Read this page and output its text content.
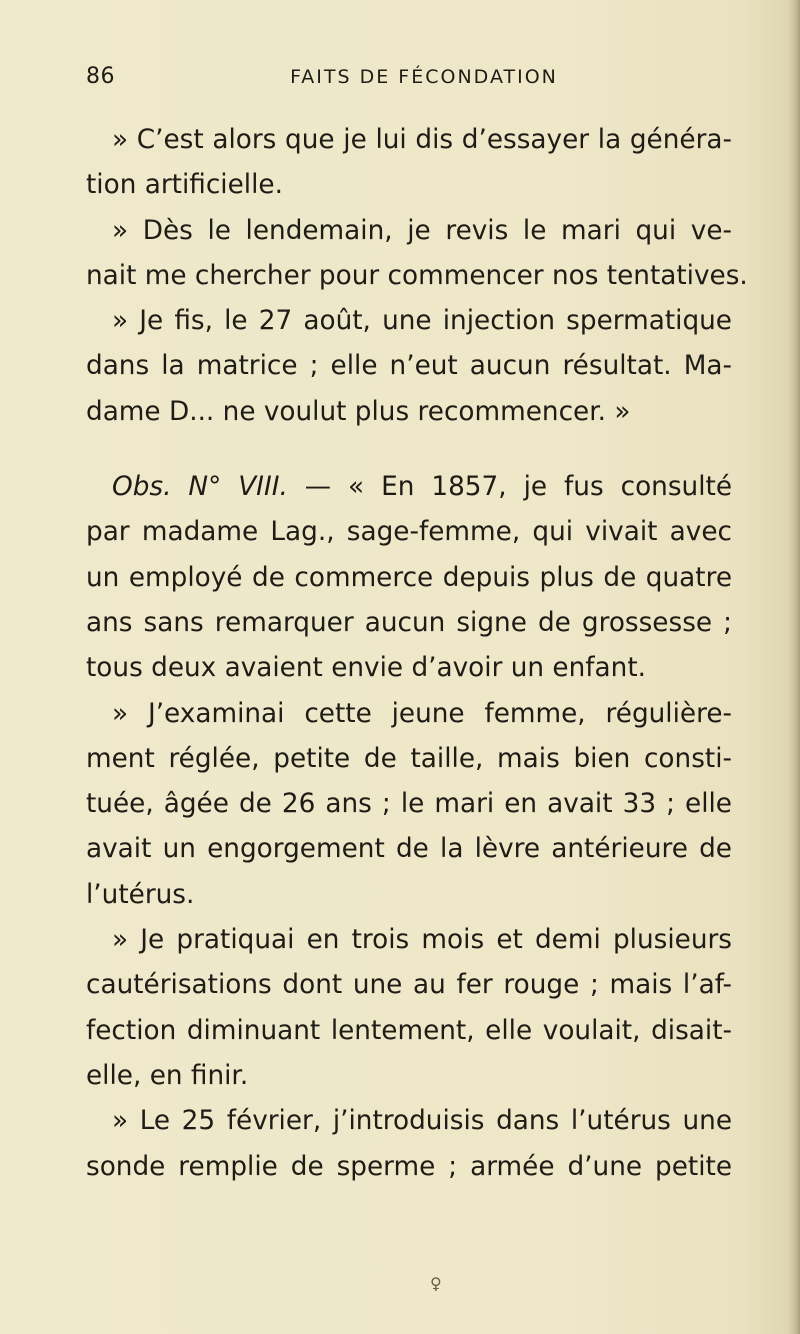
86	FAITS DE FÉCONDATION

» C’est alors que je lui dis d’essayer la généra-
tion artificielle.

» Dès le lendemain, je revis le mari qui ve-
nait me chercher pour commencer nos tentatives.

» Je fis, le 27 août, une injection spermatique
dans la matrice ; elle n’eut aucun résultat. Ma-
dame D... ne voulut plus recommencer. »

Obs. N° VIII. — « En 1857, je fus consulté
par madame Lag., sage-femme, qui vivait avec
un employé de commerce depuis plus de quatre
ans sans remarquer aucun signe de grossesse ;
tous deux avaient envie d’avoir un enfant.

» J’examinai cette jeune femme, régulière-
ment réglée, petite de taille, mais bien consti-
tuée, âgée de 26 ans ; le mari en avait 33 ; elle
avait un engorgement de la lèvre antérieure de
l’utérus.

» Je pratiquai en trois mois et demi plusieurs
cautérisations dont une au fer rouge ; mais l’af-
fection diminuant lentement, elle voulait, disait-
elle, en finir.

» Le 25 février, j’introduisis dans l’utérus une
sonde remplie de sperme ; armée d’une petite

♀
